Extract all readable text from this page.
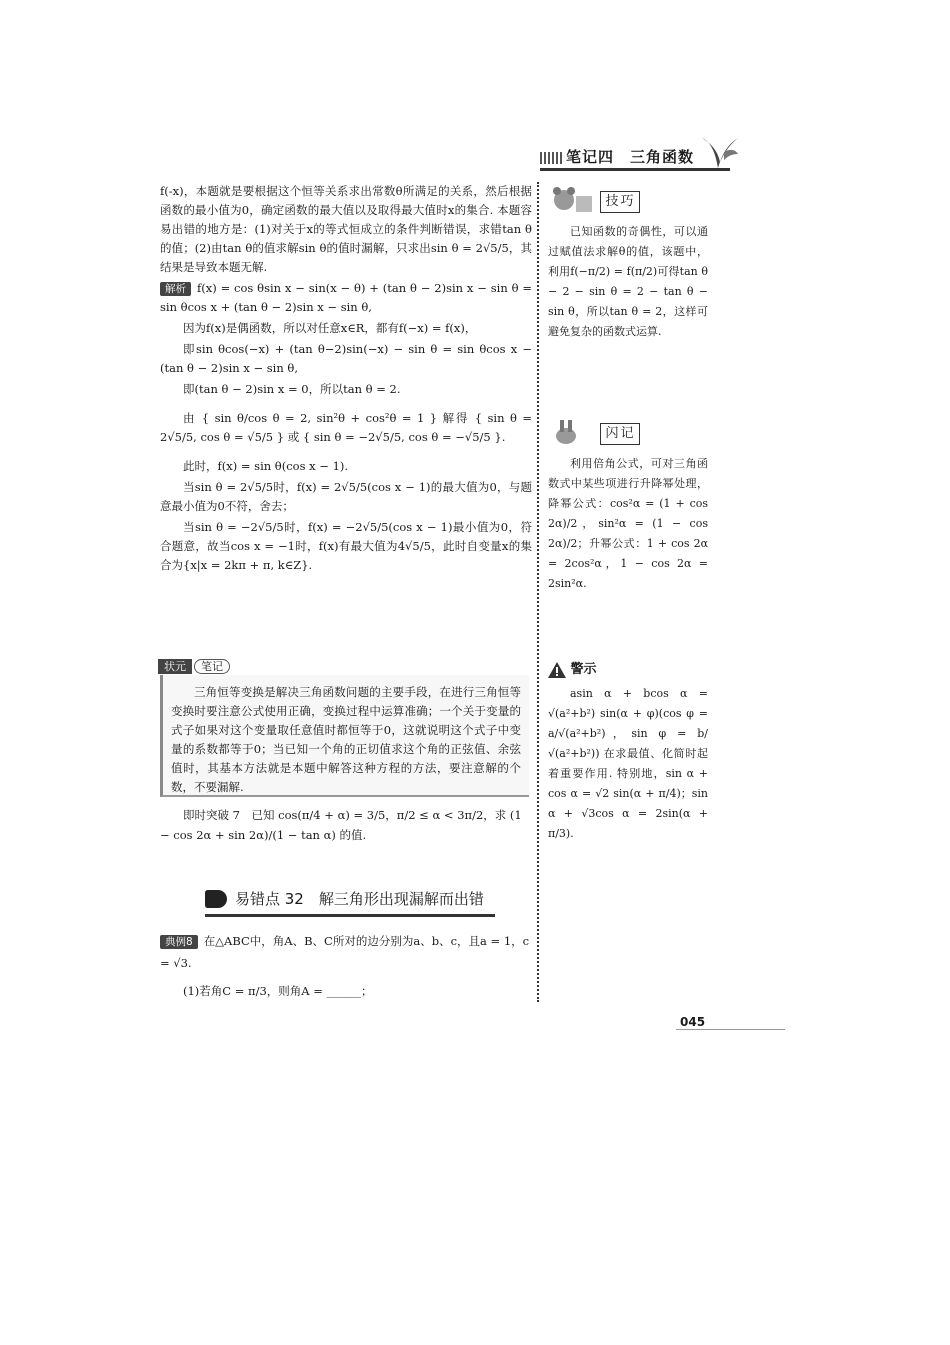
笔记四　三角函数

f(-x)，本题就是要根据这个恒等关系求出常数θ所满足的关系，然后根据函数的最小值为0，确定函数的最大值以及取得最大值时x的集合. 本题容易出错的地方是：(1)对关于x的等式恒成立的条件判断错误，求错tan θ的值；(2)由tan θ的值求解sin θ的值时漏解，只求出sin θ = 2√5/5，其结果是导致本题无解.

解析 f(x) = cos θsin x − sin(x − θ) + (tan θ − 2)sin x − sin θ = sin θcos x + (tan θ − 2)sin x − sin θ,

因为f(x)是偶函数，所以对任意x∈R，都有f(−x) = f(x)，

即sin θcos(−x) + (tan θ−2)sin(−x) − sin θ = sin θcos x − (tan θ − 2)sin x − sin θ,

即(tan θ − 2)sin x = 0，所以tan θ = 2.

由 { sin θ/cos θ = 2, sin²θ + cos²θ = 1 } 解得 { sin θ = 2√5/5, cos θ = √5/5 } 或 { sin θ = −2√5/5, cos θ = −√5/5 }.

此时，f(x) = sin θ(cos x − 1).

当sin θ = 2√5/5时，f(x) = 2√5/5(cos x − 1)的最大值为0，与题意最小值为0不符，舍去；

当sin θ = −2√5/5时，f(x) = −2√5/5(cos x − 1)最小值为0，符合题意，故当cos x = −1时，f(x)有最大值为4√5/5，此时自变量x的集合为{x|x = 2kπ + π, k∈Z}.

状元 笔记

三角恒等变换是解决三角函数问题的主要手段，在进行三角恒等变换时要注意公式使用正确，变换过程中运算准确；一个关于变量的式子如果对这个变量取任意值时都恒等于0，这就说明这个式子中变量的系数都等于0；当已知一个角的正切值求这个角的正弦值、余弦值时，其基本方法就是本题中解答这种方程的方法，要注意解的个数，不要漏解.

即时突破 7　已知 cos(π/4 + α) = 3/5，π/2 ≤ α < 3π/2，求 (1 − cos 2α + sin 2α)/(1 − tan α) 的值.

易错点 32　解三角形出现漏解而出错

典例8 在△ABC中，角A、B、C所对的边分别为a、b、c，且a = 1，c = √3.

(1)若角C = π/3，则角A = ______；

技巧

已知函数的奇偶性，可以通过赋值法求解θ的值，该题中，利用f(−π/2) = f(π/2)可得tan θ − 2 − sin θ = 2 − tan θ − sin θ，所以tan θ = 2，这样可避免复杂的函数式运算.

闪记

利用倍角公式，可对三角函数式中某些项进行升降幂处理，降幂公式：cos²α = (1 + cos 2α)/2，sin²α = (1 − cos 2α)/2；升幂公式：1 + cos 2α = 2cos²α，1 − cos 2α = 2sin²α.

警示

asin α + bcos α = √(a²+b²) sin(α + φ)(cos φ = a/√(a²+b²)，sin φ = b/√(a²+b²)) 在求最值、化简时起着重要作用. 特别地，sin α + cos α = √2 sin(α + π/4)；sin α + √3cos α = 2sin(α + π/3).

045
